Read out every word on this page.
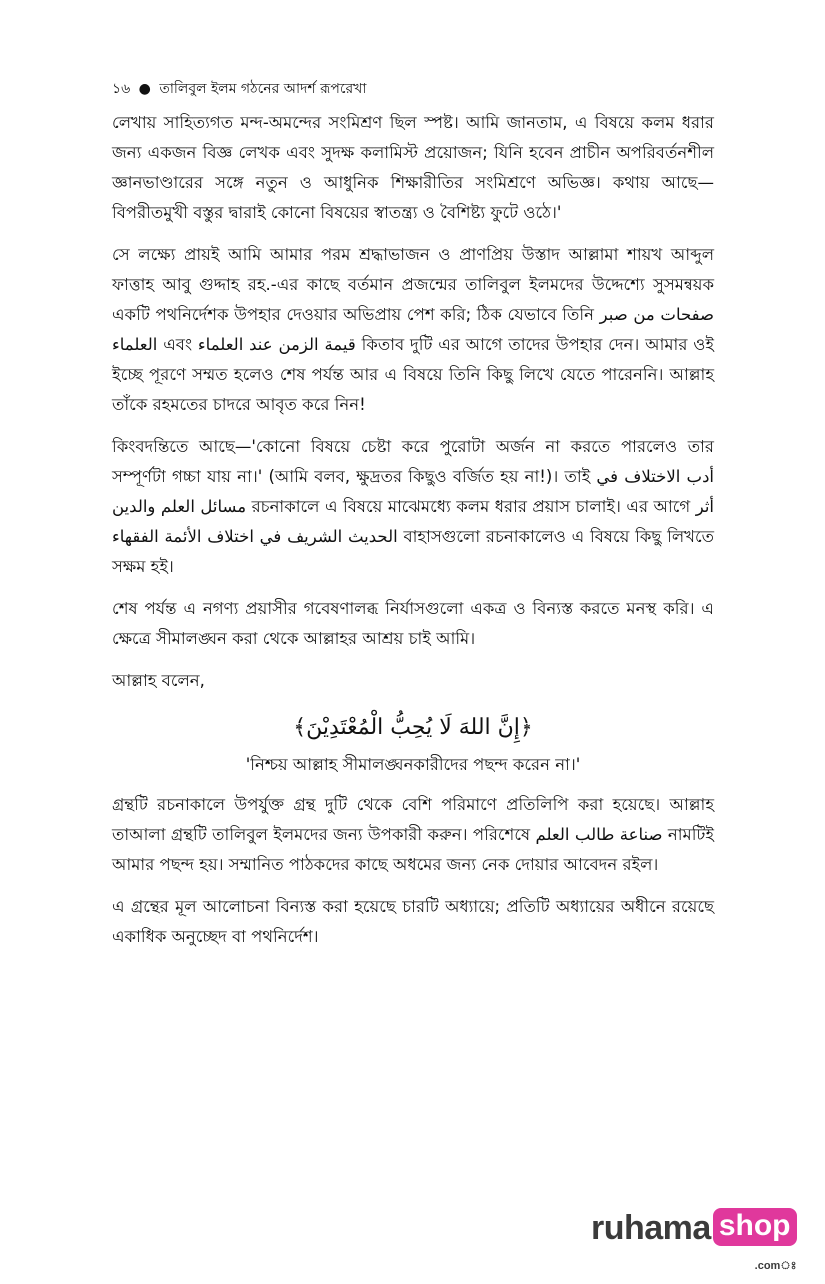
১৬ ● তালিবুল ইলম গঠনের আদর্শ রূপরেখা

লেখায় সাহিত্যগত মন্দ-অমন্দের সংমিশ্রণ ছিল স্পষ্ট। আমি জানতাম, এ বিষয়ে কলম ধরার জন্য একজন বিজ্ঞ লেখক এবং সুদক্ষ কলামিস্ট প্রয়োজন; যিনি হবেন প্রাচীন অপরিবর্তনশীল জ্ঞানভাণ্ডারের সঙ্গে নতুন ও আধুনিক শিক্ষারীতির সংমিশ্রণে অভিজ্ঞ। কথায় আছে—বিপরীতমুখী বস্তুর দ্বারাই কোনো বিষয়ের স্বাতন্ত্র্য ও বৈশিষ্ট্য ফুটে ওঠে।'

সে লক্ষ্যে প্রায়ই আমি আমার পরম শ্রদ্ধাভাজন ও প্রাণপ্রিয় উস্তাদ আল্লামা শায়খ আব্দুল ফাত্তাহ আবু গুদ্দাহ রহ.-এর কাছে বর্তমান প্রজন্মের তালিবুল ইলমদের উদ্দেশ্যে সুসমন্বয়ক একটি পথনির্দেশক উপহার দেওয়ার অভিপ্রায় পেশ করি; ঠিক যেভাবে তিনি صفحات من صبر العلماء এবং قيمة الزمن عند العلماء কিতাব দুটি এর আগে তাদের উপহার দেন। আমার ওই ইচ্ছে পূরণে সম্মত হলেও শেষ পর্যন্ত আর এ বিষয়ে তিনি কিছু লিখে যেতে পারেননি। আল্লাহ তাঁকে রহমতের চাদরে আবৃত করে নিন!

কিংবদন্তিতে আছে—'কোনো বিষয়ে চেষ্টা করে পুরোটা অর্জন না করতে পারলেও তার সম্পূর্ণটা গচ্চা যায় না।' (আমি বলব, ক্ষুদ্রতর কিছুও বর্জিত হয় না!)। তাই أدب الاختلاف في مسائل العلم والدين রচনাকালে এ বিষয়ে মাঝেমধ্যে কলম ধরার প্রয়াস চালাই। এর আগে أثر الحديث الشريف في اختلاف الأئمة الفقهاء বাহাসগুলো রচনাকালেও এ বিষয়ে কিছু লিখতে সক্ষম হই।

শেষ পর্যন্ত এ নগণ্য প্রয়াসীর গবেষণালব্ধ নির্যাসগুলো একত্র ও বিন্যস্ত করতে মনস্থ করি। এ ক্ষেত্রে সীমালঙ্ঘন করা থেকে আল্লাহর আশ্রয় চাই আমি।

আল্লাহ বলেন,

﴿إِنَّ اللهَ لَا يُحِبُّ الْمُعْتَدِيْنَ﴾
'নিশ্চয় আল্লাহ সীমালঙ্ঘনকারীদের পছন্দ করেন না।'

গ্রন্থটি রচনাকালে উপর্যুক্ত গ্রন্থ দুটি থেকে বেশি পরিমাণে প্রতিলিপি করা হয়েছে। আল্লাহ তাআলা গ্রন্থটি তালিবুল ইলমদের জন্য উপকারী করুন। পরিশেষে صناعة طالب العلم নামটিই আমার পছন্দ হয়। সম্মানিত পাঠকদের কাছে অধমের জন্য নেক দোয়ার আবেদন রইল।

এ গ্রন্থের মূল আলোচনা বিন্যস্ত করা হয়েছে চারটি অধ্যায়ে; প্রতিটি অধ্যায়ের অধীনে রয়েছে একাধিক অনুচ্ছেদ বা পথনির্দেশ।

ruhama shop
.comঃ
